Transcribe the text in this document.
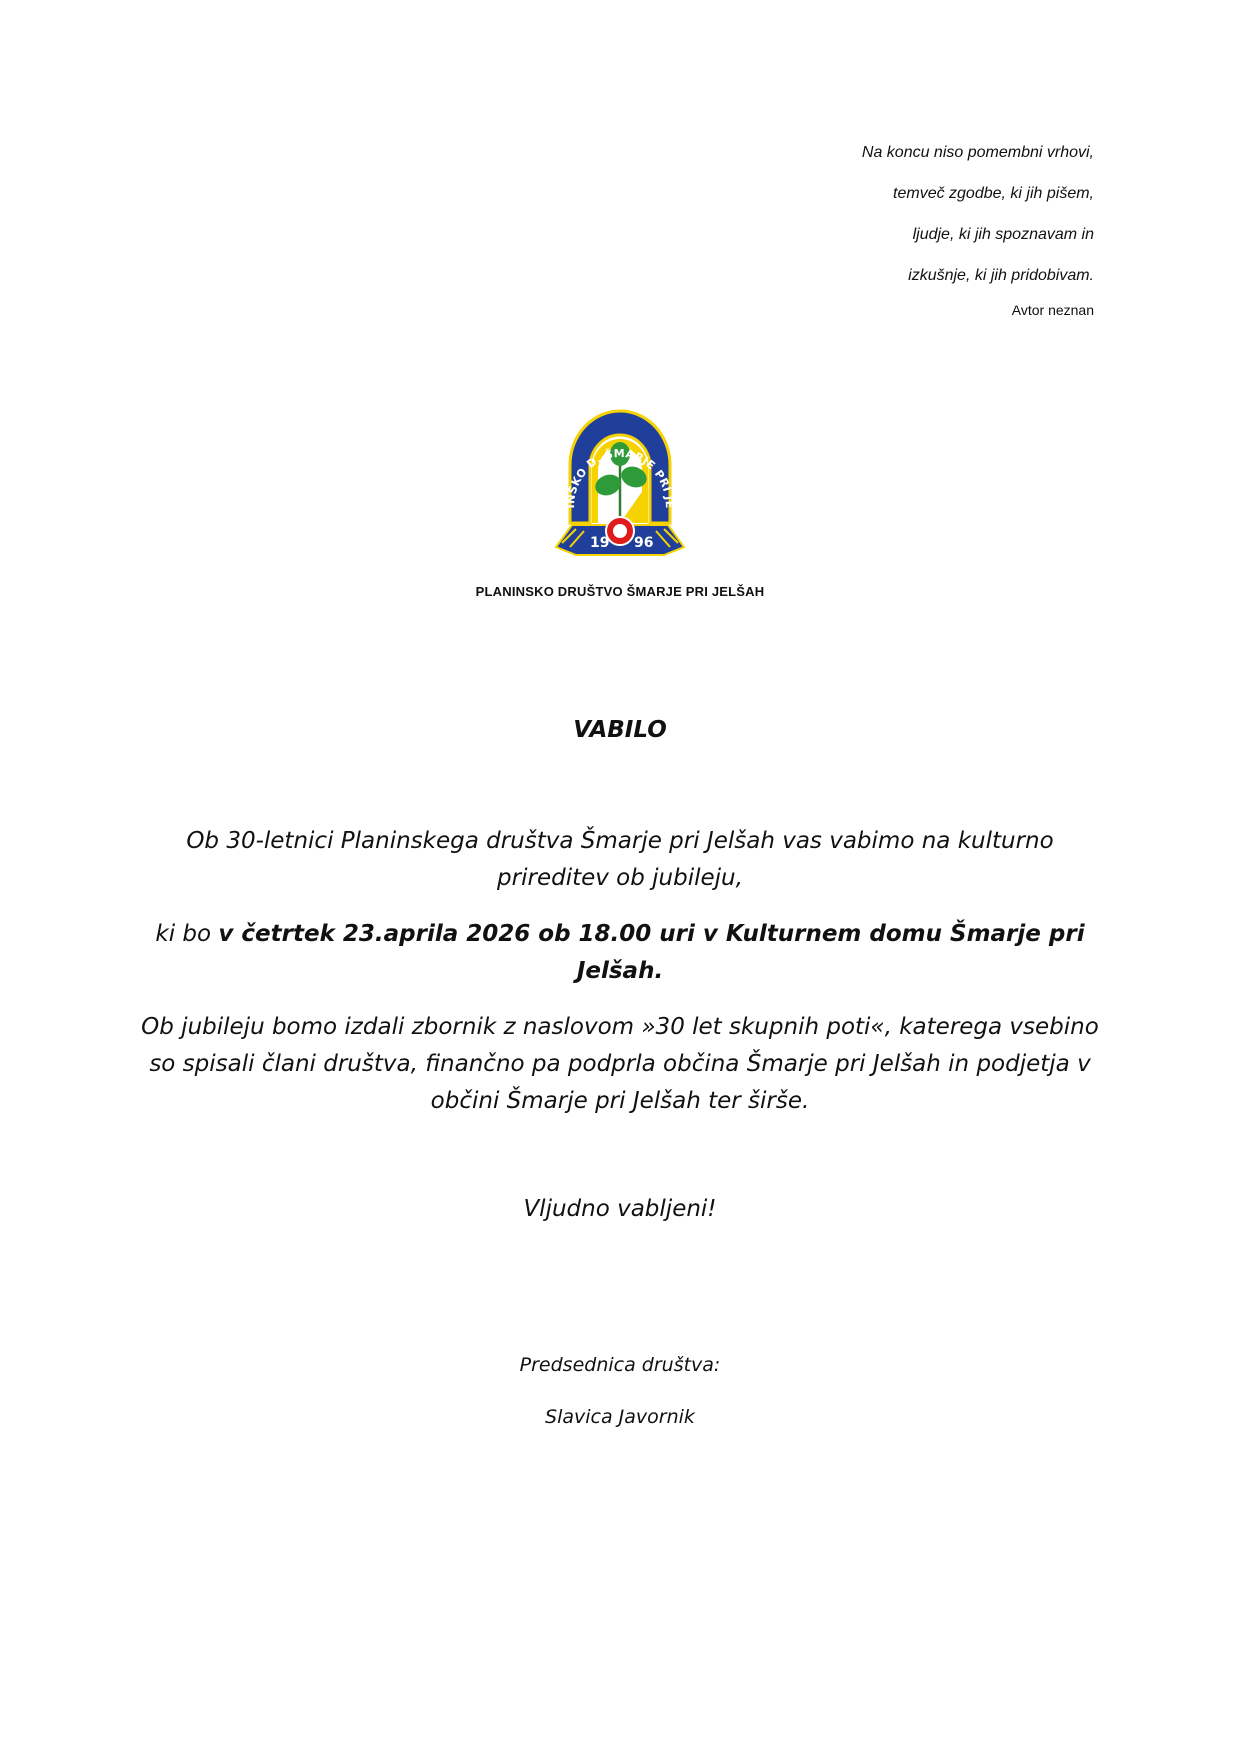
Na koncu niso pomembni vrhovi,
temveč zgodbe, ki jih pišem,
ljudje, ki jih spoznavam in
izkušnje, ki jih pridobivam.
Avtor neznan
INSKO D. ŠMARJE PRI JE
19 96
PLANINSKO DRUŠTVO ŠMARJE PRI JELŠAH
VABILO
Ob 30-letnici Planinskega društva Šmarje pri Jelšah vas vabimo na kulturno prireditev ob jubileju,
ki bo v četrtek 23.aprila 2026 ob 18.00 uri v Kulturnem domu Šmarje pri Jelšah.
Ob jubileju bomo izdali zbornik z naslovom »30 let skupnih poti«, katerega vsebino so spisali člani društva, finančno pa podprla občina Šmarje pri Jelšah in podjetja v občini Šmarje pri Jelšah ter širše.
Vljudno vabljeni!
Predsednica društva:
Slavica Javornik
